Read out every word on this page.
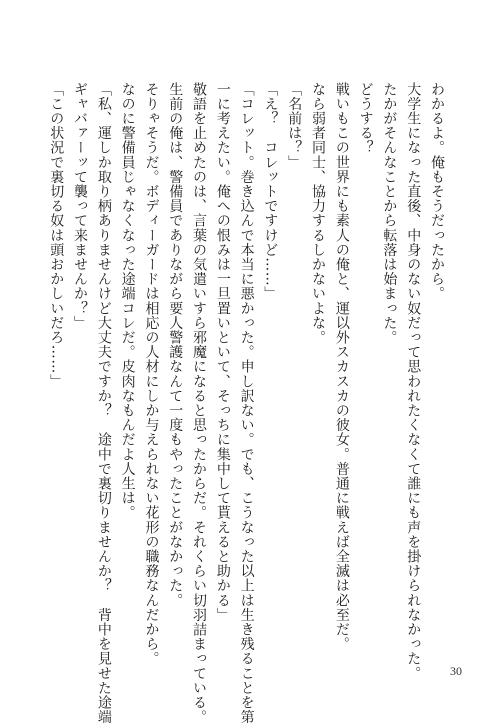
わかるよ。俺もそうだったから。

大学生になった直後、中身のない奴だって思われたくなくて誰にも声を掛けられなかった。

たかがそんなことから転落は始まった。

どうする？

戦いもこの世界にも素人の俺と、運以外スカスカの彼女。普通に戦えば全滅は必至だ。

なら弱者同士、協力するしかないよな。

「名前は？」

「え？　コレットですけど……」

「コレット。巻き込んで本当に悪かった。申し訳ない。でも、こうなった以上は生き残ることを第

一に考えたい。俺への恨みは一旦置いといて、そっちに集中して貰えると助かる」

敬語を止めたのは、言葉の気遣いすら邪魔になると思ったからだ。それくらい切羽詰まっている。

生前の俺は、警備員でありながら要人警護なんて一度もやったことがなかった。

そりゃそうだ。ボディーガードは相応の人材にしか与えられない花形の職務なんだから。

なのに警備員じゃなくなった途端コレだ。皮肉なもんだよ人生は。

「私、運しか取り柄ありませんけど大丈夫ですか？　途中で裏切りませんか？　背中を見せた途端

ギャバァーッて襲って来ませんか？」

「この状況で裏切る奴は頭おかしいだろ……」

30
